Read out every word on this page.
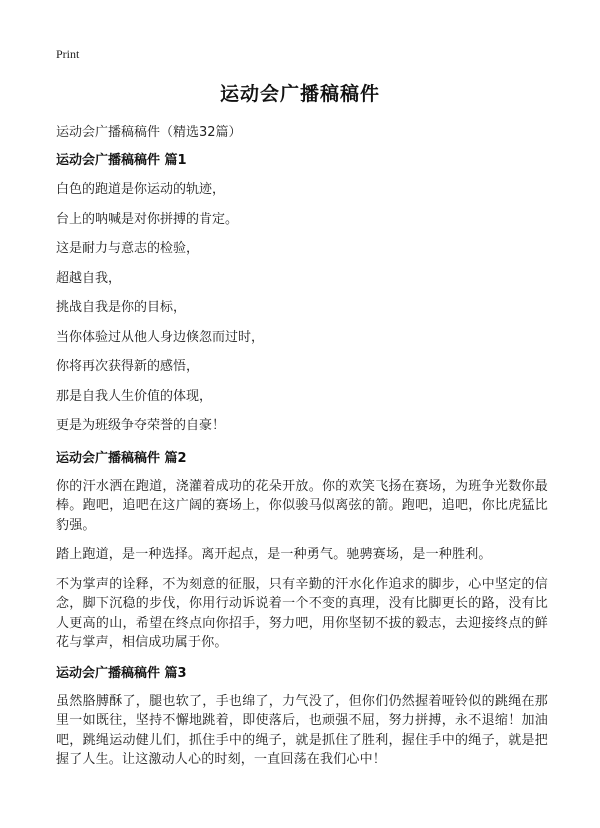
Print
运动会广播稿稿件
运动会广播稿稿件（精选32篇）
运动会广播稿稿件 篇1
白色的跑道是你运动的轨迹，
台上的呐喊是对你拼搏的肯定。
这是耐力与意志的检验，
超越自我，
挑战自我是你的目标，
当你体验过从他人身边倏忽而过时，
你将再次获得新的感悟，
那是自我人生价值的体现，
更是为班级争夺荣誉的自豪！
运动会广播稿稿件 篇2

你的汗水洒在跑道，浇灌着成功的花朵开放。你的欢笑飞扬在赛场，为班争光数你最棒。跑吧，追吧在这广阔的赛场上，你似骏马似离弦的箭。跑吧，追吧，你比虎猛比豹强。

踏上跑道，是一种选择。离开起点，是一种勇气。驰骋赛场，是一种胜利。

不为掌声的诠释，不为刻意的征服，只有辛勤的汗水化作追求的脚步，心中坚定的信念，脚下沉稳的步伐，你用行动诉说着一个不变的真理，没有比脚更长的路，没有比人更高的山，希望在终点向你招手，努力吧，用你坚韧不拔的毅志，去迎接终点的鲜花与掌声，相信成功属于你。

运动会广播稿稿件 篇3

虽然胳膊酥了，腿也软了，手也绵了，力气没了，但你们仍然握着哑铃似的跳绳在那里一如既往，坚持不懈地跳着，即使落后，也顽强不屈，努力拼搏，永不退缩！加油吧，跳绳运动健儿们，抓住手中的绳子，就是抓住了胜利，握住手中的绳子，就是把握了人生。让这激动人心的时刻，一直回荡在我们心中！
